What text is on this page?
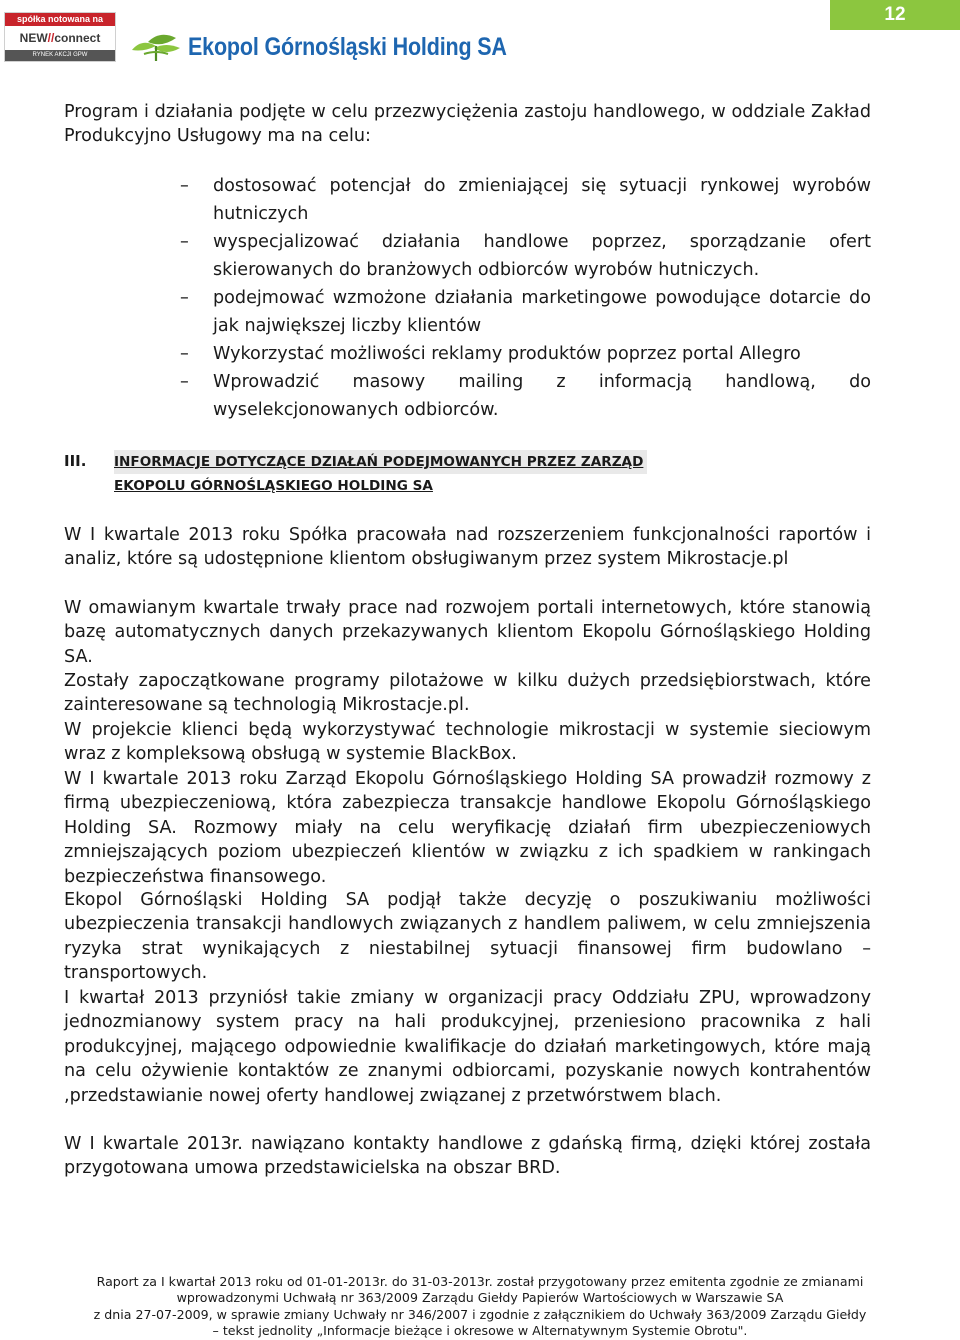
spółka notowana na
NEW // connect
RYNEK AKCJI GPW	Ekopol Górnośląski Holding SA
12

Program i działania podjęte w celu przezwyciężenia zastoju handlowego, w oddziale Zakład Produkcyjno Usługowy ma na celu:

– dostosować potencjał do zmieniającej się sytuacji rynkowej wyrobów hutniczych
– wyspecjalizować działania handlowe poprzez, sporządzanie ofert skierowanych do branżowych odbiorców wyrobów hutniczych.
– podejmować wzmożone działania marketingowe powodujące dotarcie do jak największej liczby klientów
– Wykorzystać możliwości reklamy produktów poprzez portal Allegro
– Wprowadzić masowy mailing z informacją handlową, do wyselekcjonowanych odbiorców.
III. INFORMACJE DOTYCZĄCE DZIAŁAŃ PODEJMOWANYCH PRZEZ ZARZĄD
EKOPOLU GÓRNOŚLĄSKIEGO HOLDING SA

W I kwartale 2013 roku Spółka pracowała nad rozszerzeniem funkcjonalności raportów i analiz, które są udostępnione klientom obsługiwanym przez system Mikrostacje.pl

W omawianym kwartale trwały prace nad rozwojem portali internetowych, które stanowią bazę automatycznych danych przekazywanych klientom Ekopolu Górnośląskiego Holding SA.

Zostały zapoczątkowane programy pilotażowe w kilku dużych przedsiębiorstwach, które zainteresowane są technologią Mikrostacje.pl.

W projekcie klienci będą wykorzystywać technologie mikrostacji w systemie sieciowym wraz z kompleksową obsługą w systemie BlackBox.

W I kwartale 2013 roku Zarząd Ekopolu Górnośląskiego Holding SA prowadził rozmowy z firmą ubezpieczeniową, która zabezpiecza transakcje handlowe Ekopolu Górnośląskiego Holding SA. Rozmowy miały na celu weryfikację działań firm ubezpieczeniowych zmniejszających poziom ubezpieczeń klientów w związku z ich spadkiem w rankingach bezpieczeństwa finansowego.

Ekopol Górnośląski Holding SA podjął także decyzję o poszukiwaniu możliwości ubezpieczenia transakcji handlowych związanych z handlem paliwem, w celu zmniejszenia ryzyka strat wynikających z niestabilnej sytuacji finansowej firm budowlano – transportowych.

I kwartał 2013 przyniósł takie zmiany w organizacji pracy Oddziału ZPU, wprowadzony jednozmianowy system pracy na hali produkcyjnej, przeniesiono pracownika z hali produkcyjnej, mającego odpowiednie kwalifikacje do działań marketingowych, które mają na celu ożywienie kontaktów ze znanymi odbiorcami, pozyskanie nowych kontrahentów ,przedstawianie nowej oferty handlowej związanej z przetwórstwem blach.

W I kwartale 2013r. nawiązano kontakty handlowe z gdańską firmą, dzięki której została przygotowana umowa przedstawicielska na obszar BRD.

Raport za I kwartał 2013 roku od 01-01-2013r. do 31-03-2013r. został przygotowany przez emitenta zgodnie ze zmianami
wprowadzonymi Uchwałą nr 363/2009 Zarządu Giełdy Papierów Wartościowych w Warszawie SA
z dnia 27-07-2009, w sprawie zmiany Uchwały nr 346/2007 i zgodnie z załącznikiem do Uchwały 363/2009 Zarządu Giełdy
– tekst jednolity „Informacje bieżące i okresowe w Alternatywnym Systemie Obrotu".
